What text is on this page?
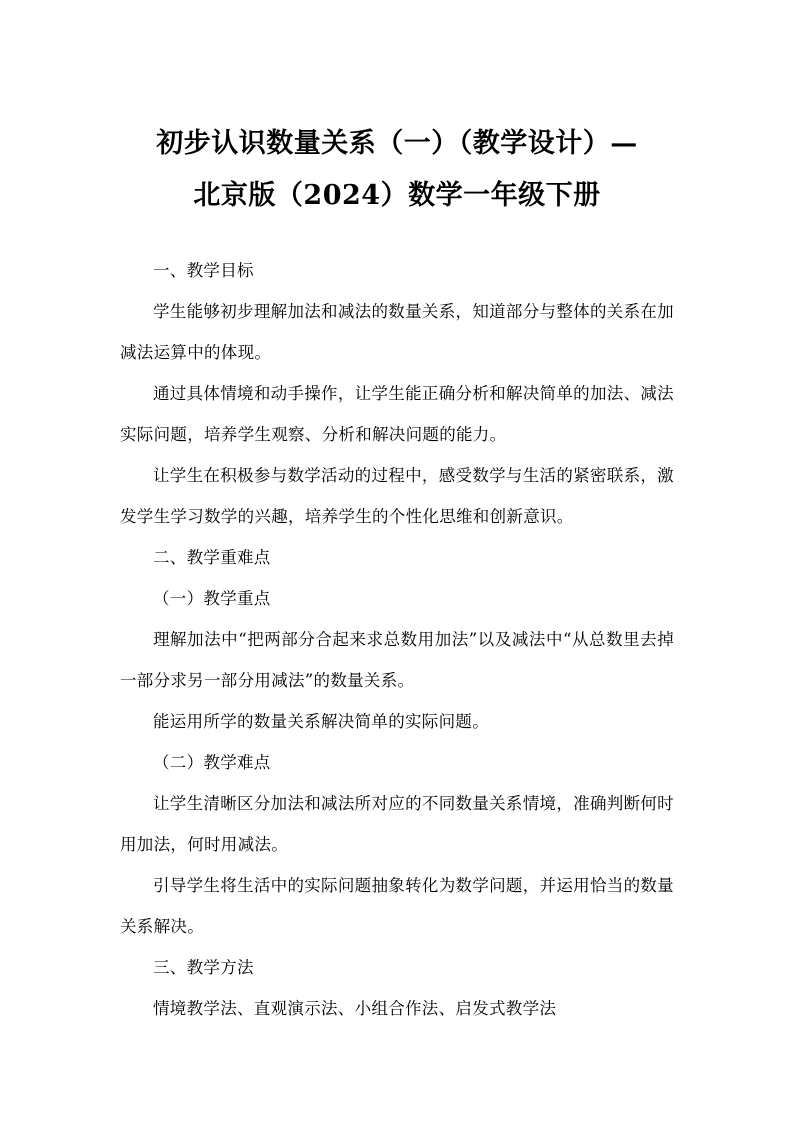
初步认识数量关系（一）（教学设计）—
北京版（2024）数学一年级下册

一、教学目标

学生能够初步理解加法和减法的数量关系，知道部分与整体的关系在加减法运算中的体现。

通过具体情境和动手操作，让学生能正确分析和解决简单的加法、减法实际问题，培养学生观察、分析和解决问题的能力。

让学生在积极参与数学活动的过程中，感受数学与生活的紧密联系，激发学生学习数学的兴趣，培养学生的个性化思维和创新意识。

二、教学重难点

（一）教学重点

理解加法中“把两部分合起来求总数用加法”以及减法中“从总数里去掉一部分求另一部分用减法”的数量关系。

能运用所学的数量关系解决简单的实际问题。

（二）教学难点

让学生清晰区分加法和减法所对应的不同数量关系情境，准确判断何时用加法，何时用减法。

引导学生将生活中的实际问题抽象转化为数学问题，并运用恰当的数量关系解决。

三、教学方法

情境教学法、直观演示法、小组合作法、启发式教学法
